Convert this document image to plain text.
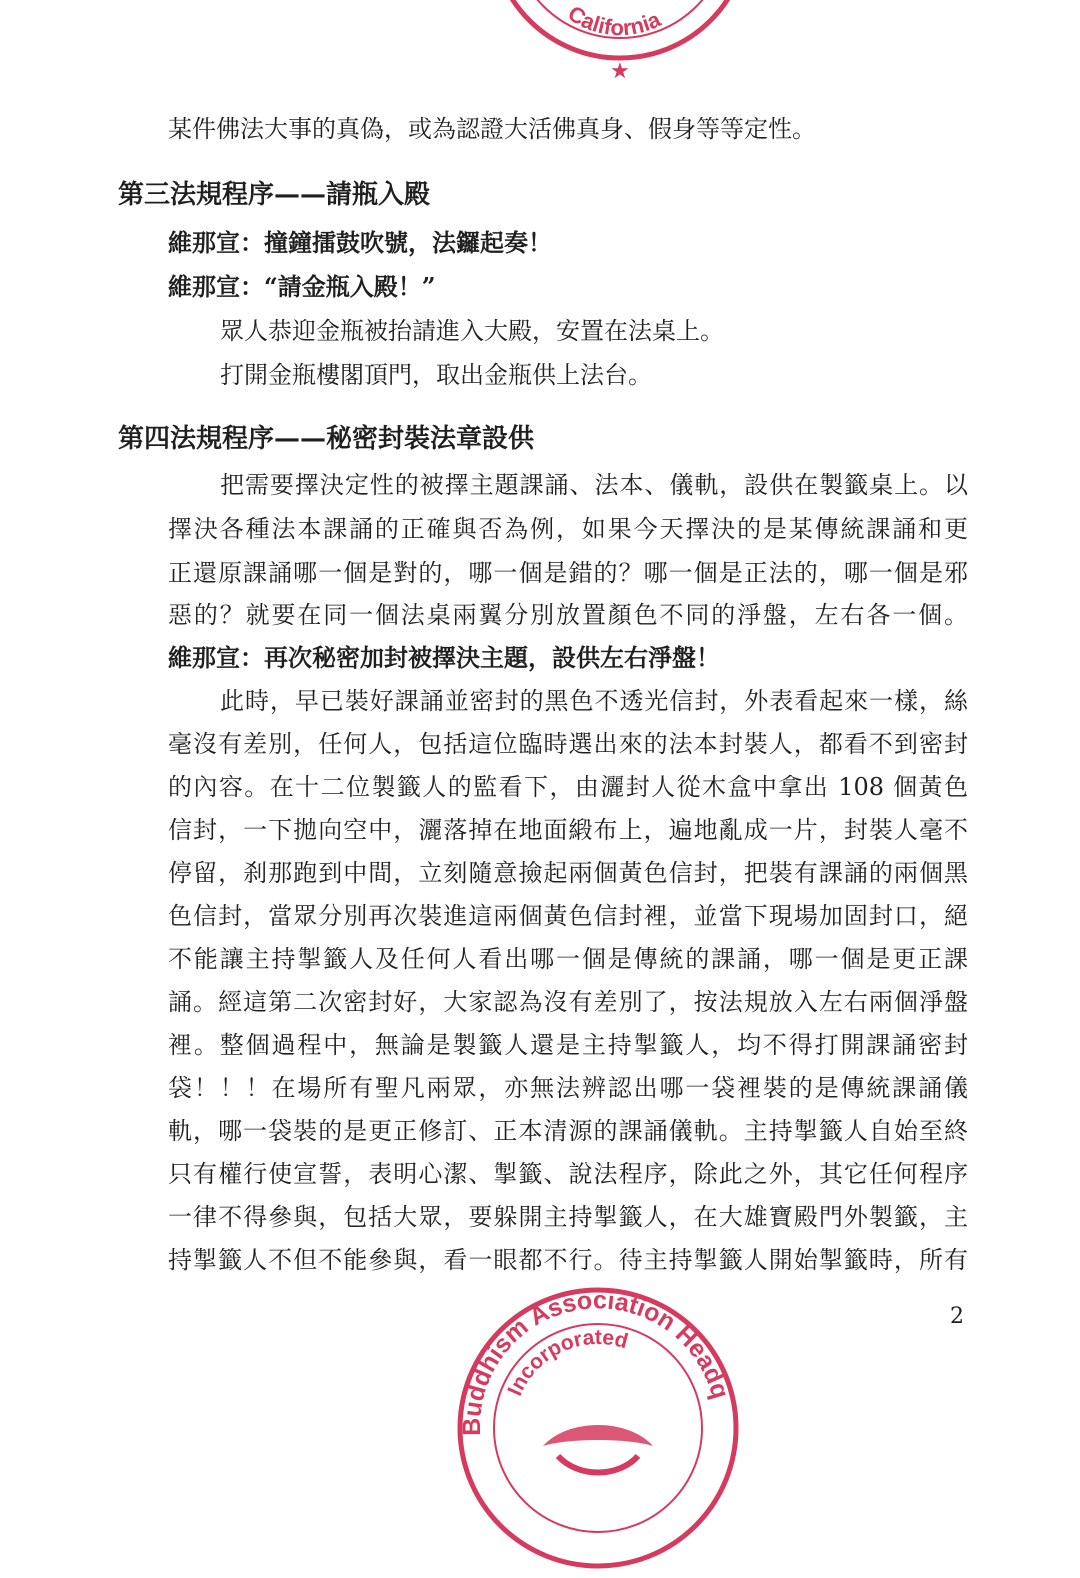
California
★
某件佛法大事的真偽，或為認證大活佛真身、假身等等定性。
第三法規程序——請瓶入殿
維那宣：撞鐘擂鼓吹號，法鑼起奏！
維那宣：“請金瓶入殿！”
眾人恭迎金瓶被抬請進入大殿，安置在法桌上。
打開金瓶樓閣頂門，取出金瓶供上法台。
第四法規程序——秘密封裝法章設供
把需要擇決定性的被擇主題課誦、法本、儀軌，設供在製籤桌上。以
擇決各種法本課誦的正確與否為例，如果今天擇決的是某傳統課誦和更
正還原課誦哪一個是對的，哪一個是錯的？哪一個是正法的，哪一個是邪
惡的？就要在同一個法桌兩翼分別放置顏色不同的淨盤，左右各一個。
維那宣：再次秘密加封被擇決主題，設供左右淨盤！
此時，早已裝好課誦並密封的黑色不透光信封，外表看起來一樣，絲
毫沒有差別，任何人，包括這位臨時選出來的法本封裝人，都看不到密封
的內容。在十二位製籤人的監看下，由灑封人從木盒中拿出 108 個黃色
信封，一下拋向空中，灑落掉在地面緞布上，遍地亂成一片，封裝人毫不
停留，刹那跑到中間，立刻隨意撿起兩個黃色信封，把裝有課誦的兩個黑
色信封，當眾分別再次裝進這兩個黃色信封裡，並當下現場加固封口，絕
不能讓主持掣籤人及任何人看出哪一個是傳統的課誦，哪一個是更正課
誦。經這第二次密封好，大家認為沒有差別了，按法規放入左右兩個淨盤
裡。整個過程中，無論是製籤人還是主持掣籤人，均不得打開課誦密封
袋！！！在場所有聖凡兩眾，亦無法辨認出哪一袋裡裝的是傳統課誦儀
軌，哪一袋裝的是更正修訂、正本清源的課誦儀軌。主持掣籤人自始至終
只有權行使宣誓，表明心潔、掣籤、說法程序，除此之外，其它任何程序
一律不得參與，包括大眾，要躲開主持掣籤人，在大雄寶殿門外製籤，主
持掣籤人不但不能參與，看一眼都不行。待主持掣籤人開始掣籤時，所有
2
Buddhism Association Headq
Incorporated
